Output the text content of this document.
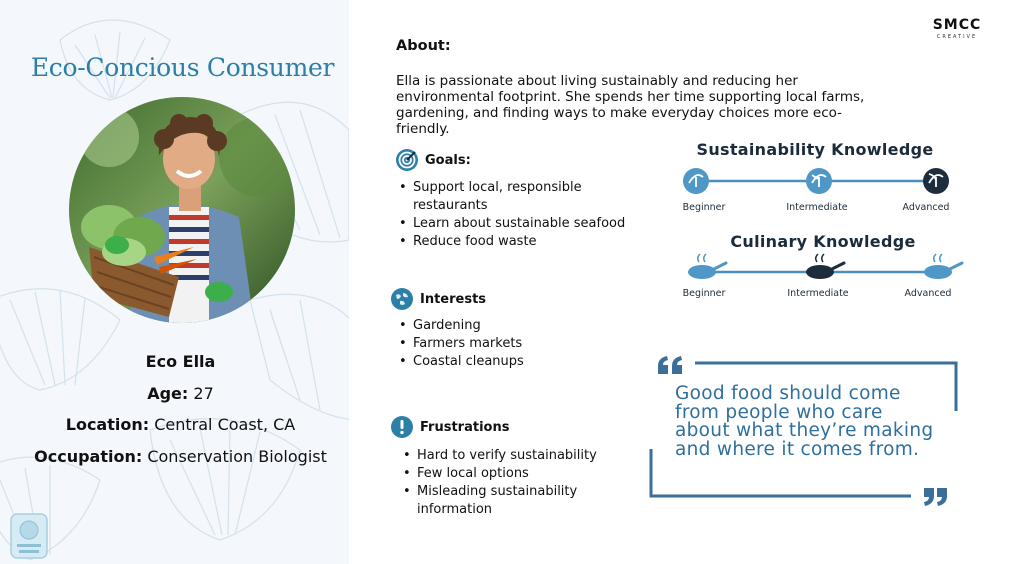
Eco-Concious Consumer
Eco Ella
Age: 27
Location: Central Coast, CA
Occupation: Conservation Biologist
SMCC
CREATIVE
About:
Ella is passionate about living sustainably and reducing her environmental footprint. She spends her time supporting local farms, gardening, and finding ways to make everyday choices more eco-friendly.
Goals:
• Support local, responsible restaurants
• Learn about sustainable seafood
• Reduce food waste
Interests
• Gardening
• Farmers markets
• Coastal cleanups
Frustrations
• Hard to verify sustainability
• Few local options
• Misleading sustainability information
Sustainability Knowledge
Beginner	Intermediate	Advanced
Culinary Knowledge
Beginner	Intermediate	Advanced
Good food should come from people who care about what they’re making and where it comes from.
